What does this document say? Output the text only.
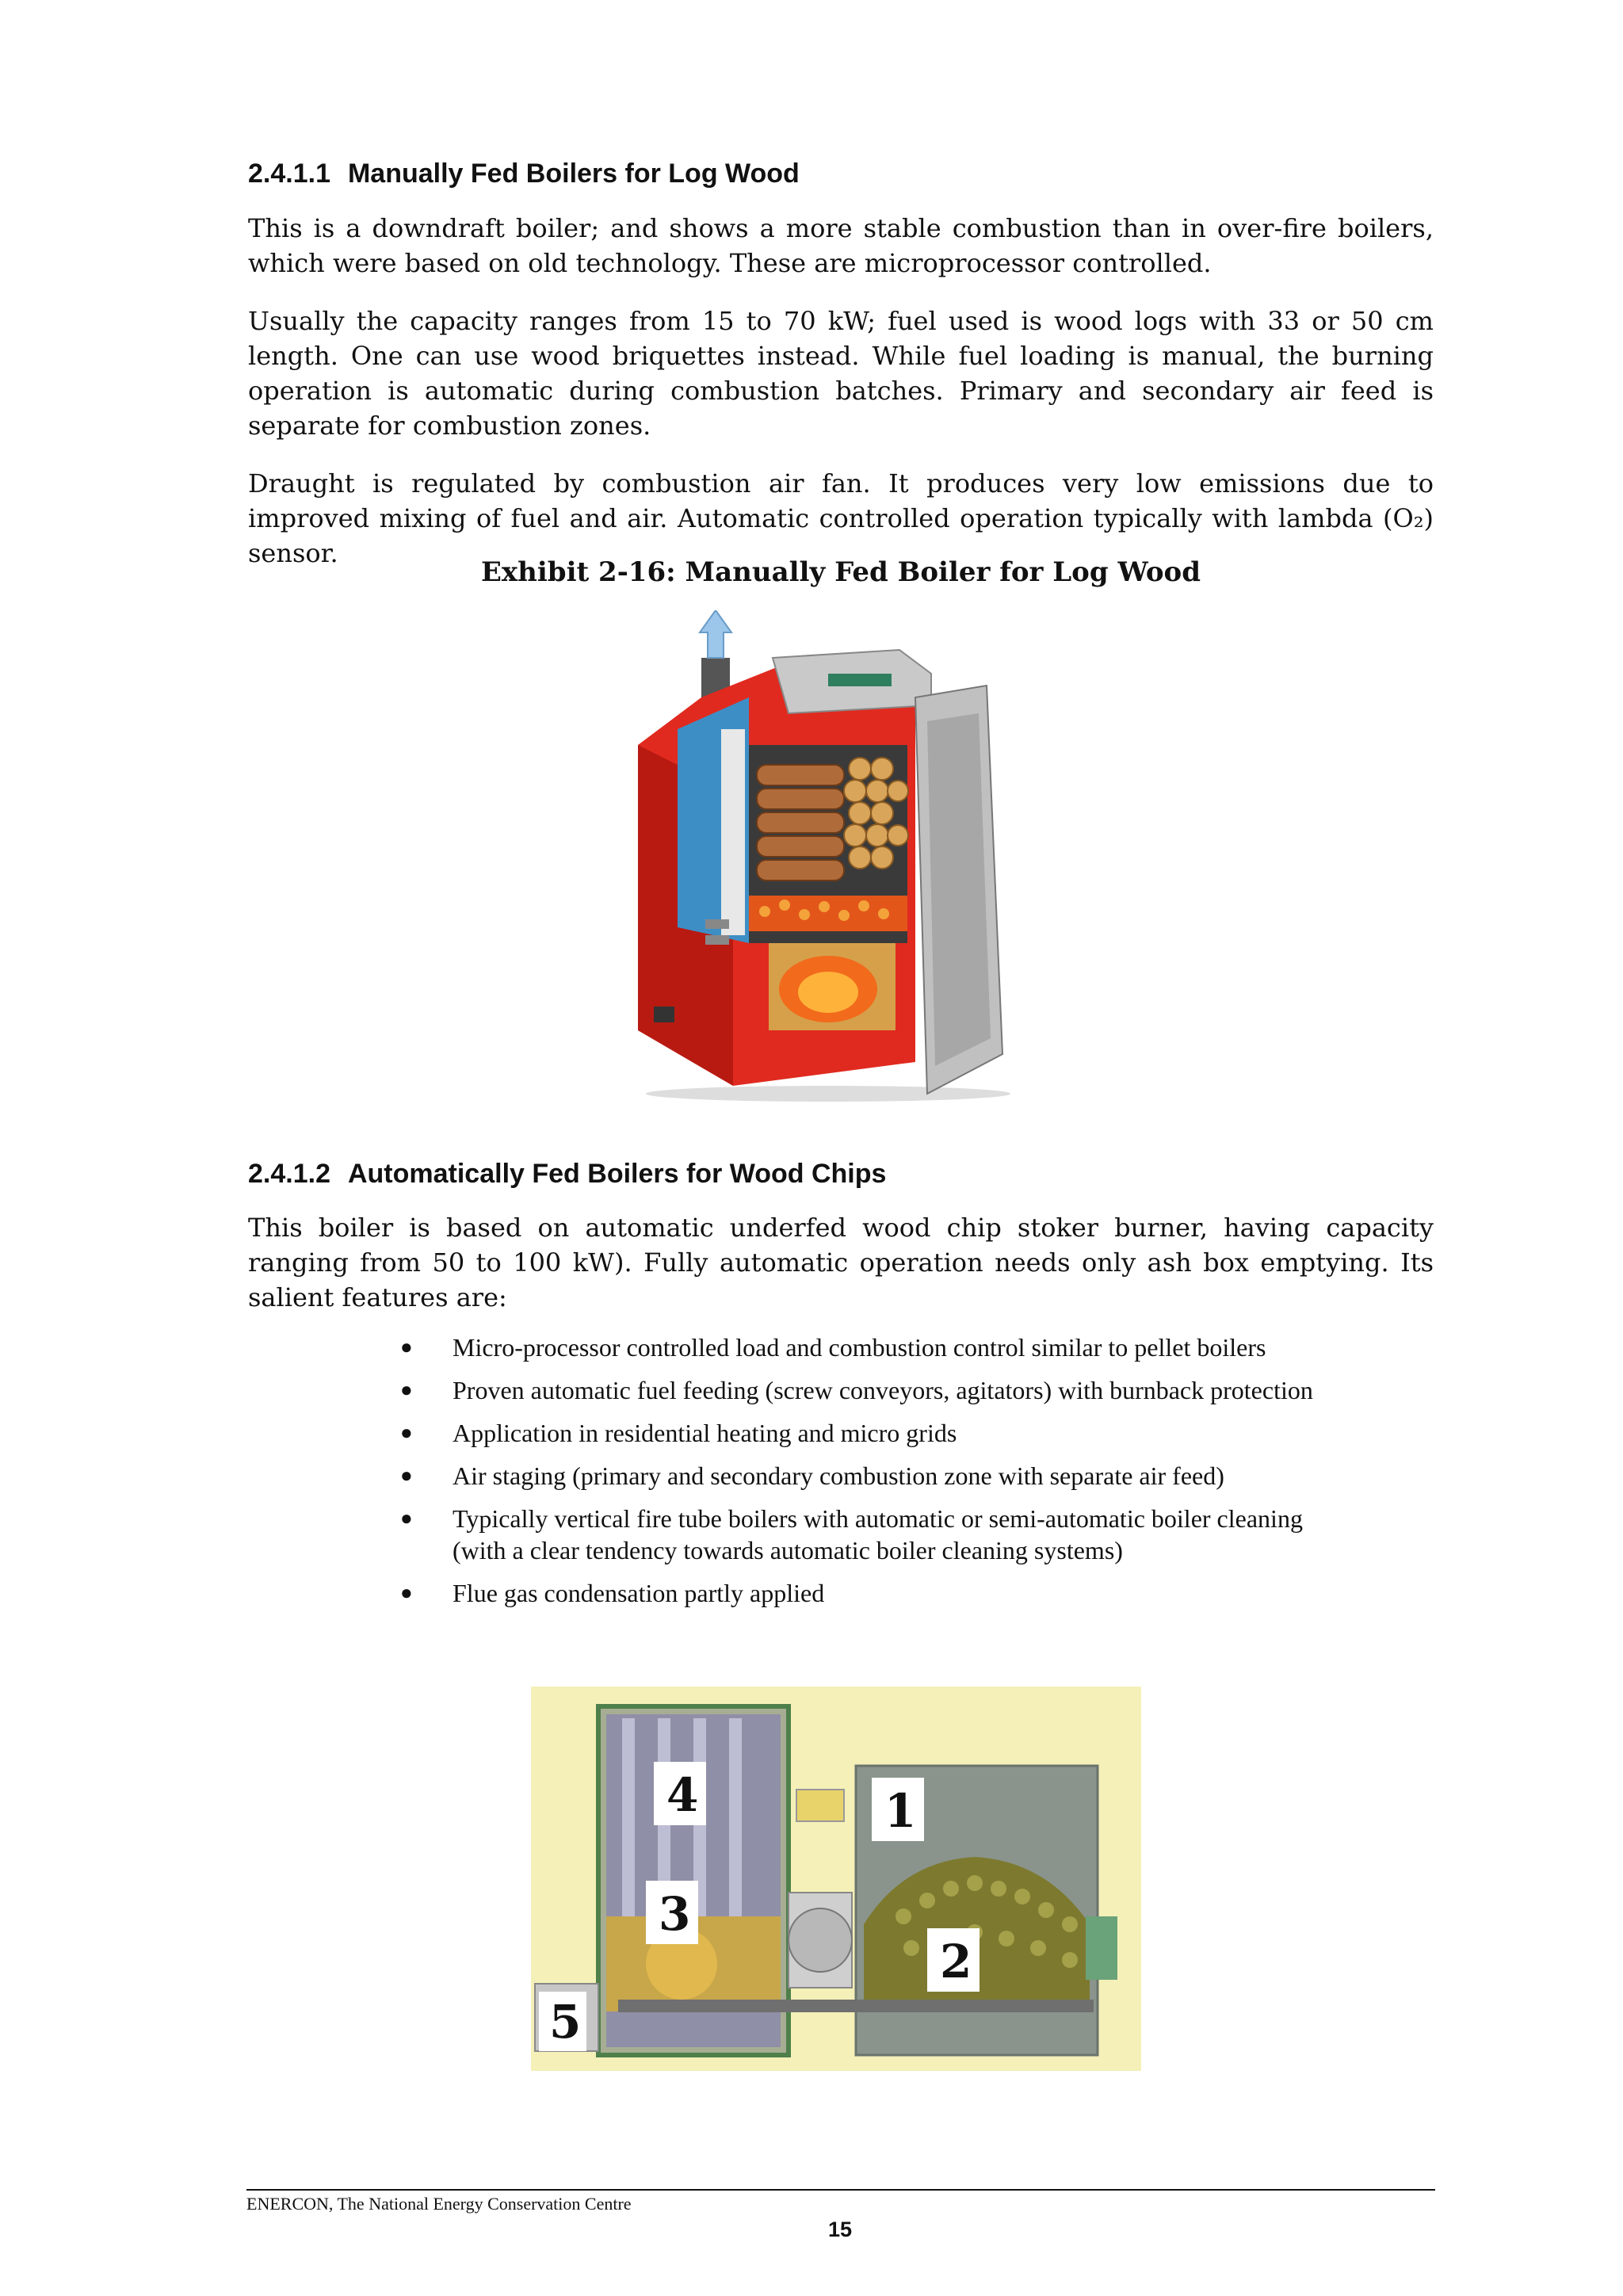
2.4.1.1 Manually Fed Boilers for Log Wood

This is a downdraft boiler; and shows a more stable combustion than in over-fire boilers, which were based on old technology. These are microprocessor controlled.

Usually the capacity ranges from 15 to 70 kW; fuel used is wood logs with 33 or 50 cm length. One can use wood briquettes instead. While fuel loading is manual, the burning operation is automatic during combustion batches. Primary and secondary air feed is separate for combustion zones.

Draught is regulated by combustion air fan. It produces very low emissions due to improved mixing of fuel and air. Automatic controlled operation typically with lambda (O₂) sensor.

Exhibit 2-16: Manually Fed Boiler for Log Wood

2.4.1.2 Automatically Fed Boilers for Wood Chips

This boiler is based on automatic underfed wood chip stoker burner, having capacity ranging from 50 to 100 kW). Fully automatic operation needs only ash box emptying. Its salient features are:

● Micro-processor controlled load and combustion control similar to pellet boilers
● Proven automatic fuel feeding (screw conveyors, agitators) with burnback protection
● Application in residential heating and micro grids
● Air staging (primary and secondary combustion zone with separate air feed)
● Typically vertical fire tube boilers with automatic or semi-automatic boiler cleaning
(with a clear tendency towards automatic boiler cleaning systems)
● Flue gas condensation partly applied
1
2
3
4
5

ENERCON, The National Energy Conservation Centre

15
